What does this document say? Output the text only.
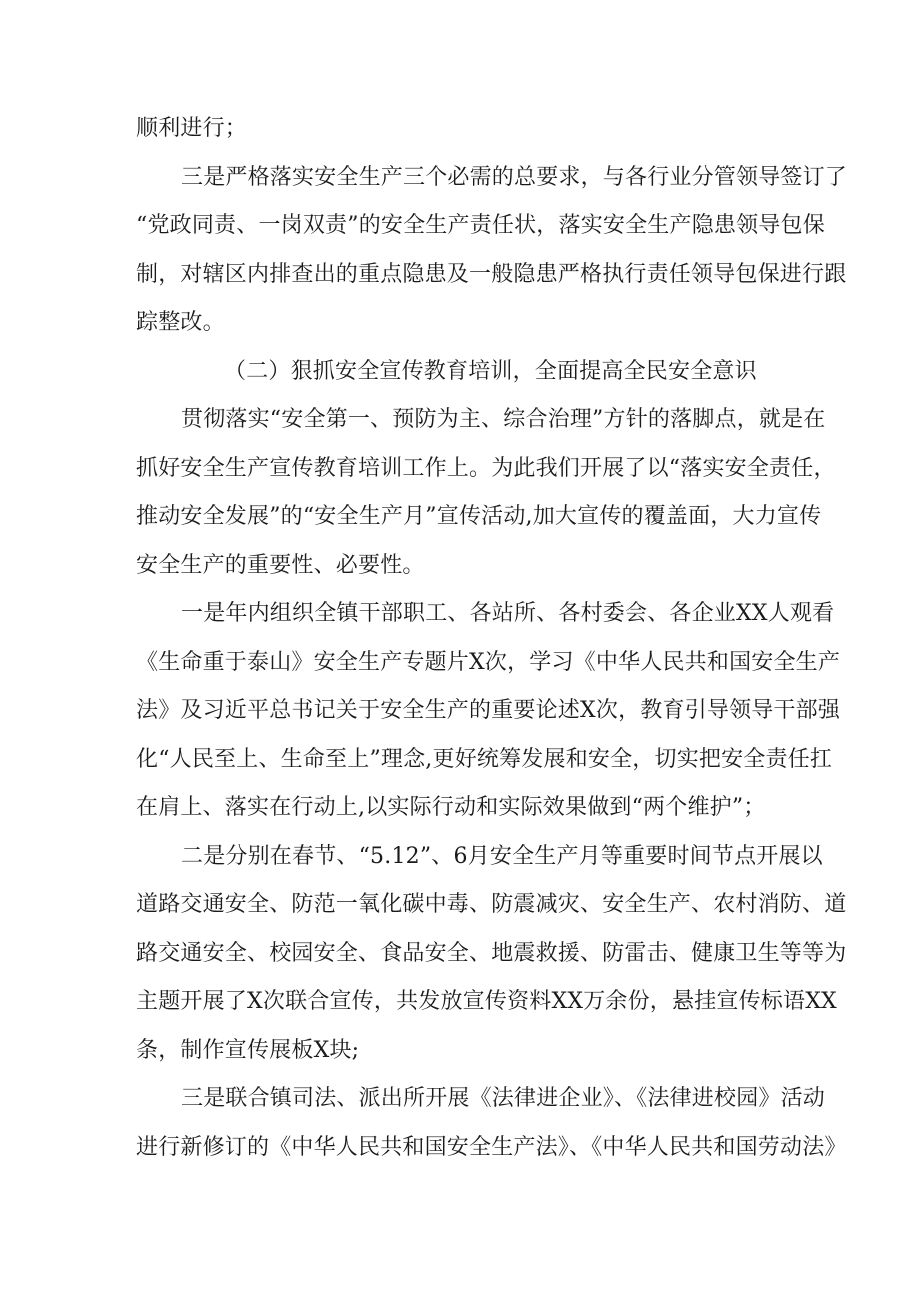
顺利进行；
三是严格落实安全生产三个必需的总要求，与各行业分管领导签订了
“党政同责、一岗双责”的安全生产责任状，落实安全生产隐患领导包保
制，对辖区内排查出的重点隐患及一般隐患严格执行责任领导包保进行跟
踪整改。
（二）狠抓安全宣传教育培训，全面提高全民安全意识
贯彻落实“安全第一、预防为主、综合治理”方针的落脚点，就是在
抓好安全生产宣传教育培训工作上。为此我们开展了以“落实安全责任，
推动安全发展”的“安全生产月”宣传活动,加大宣传的覆盖面，大力宣传
安全生产的重要性、必要性。
一是年内组织全镇干部职工、各站所、各村委会、各企业XX人观看
《生命重于泰山》安全生产专题片X次，学习《中华人民共和国安全生产
法》及习近平总书记关于安全生产的重要论述X次，教育引导领导干部强
化“人民至上、生命至上”理念,更好统筹发展和安全，切实把安全责任扛
在肩上、落实在行动上,以实际行动和实际效果做到“两个维护”；
二是分别在春节、“5.12”、6月安全生产月等重要时间节点开展以
道路交通安全、防范一氧化碳中毒、防震减灾、安全生产、农村消防、道
路交通安全、校园安全、食品安全、地震救援、防雷击、健康卫生等等为
主题开展了X次联合宣传，共发放宣传资料XX万余份，悬挂宣传标语XX
条，制作宣传展板X块;
三是联合镇司法、派出所开展《法律进企业》、《法律进校园》活动
进行新修订的《中华人民共和国安全生产法》、《中华人民共和国劳动法》
